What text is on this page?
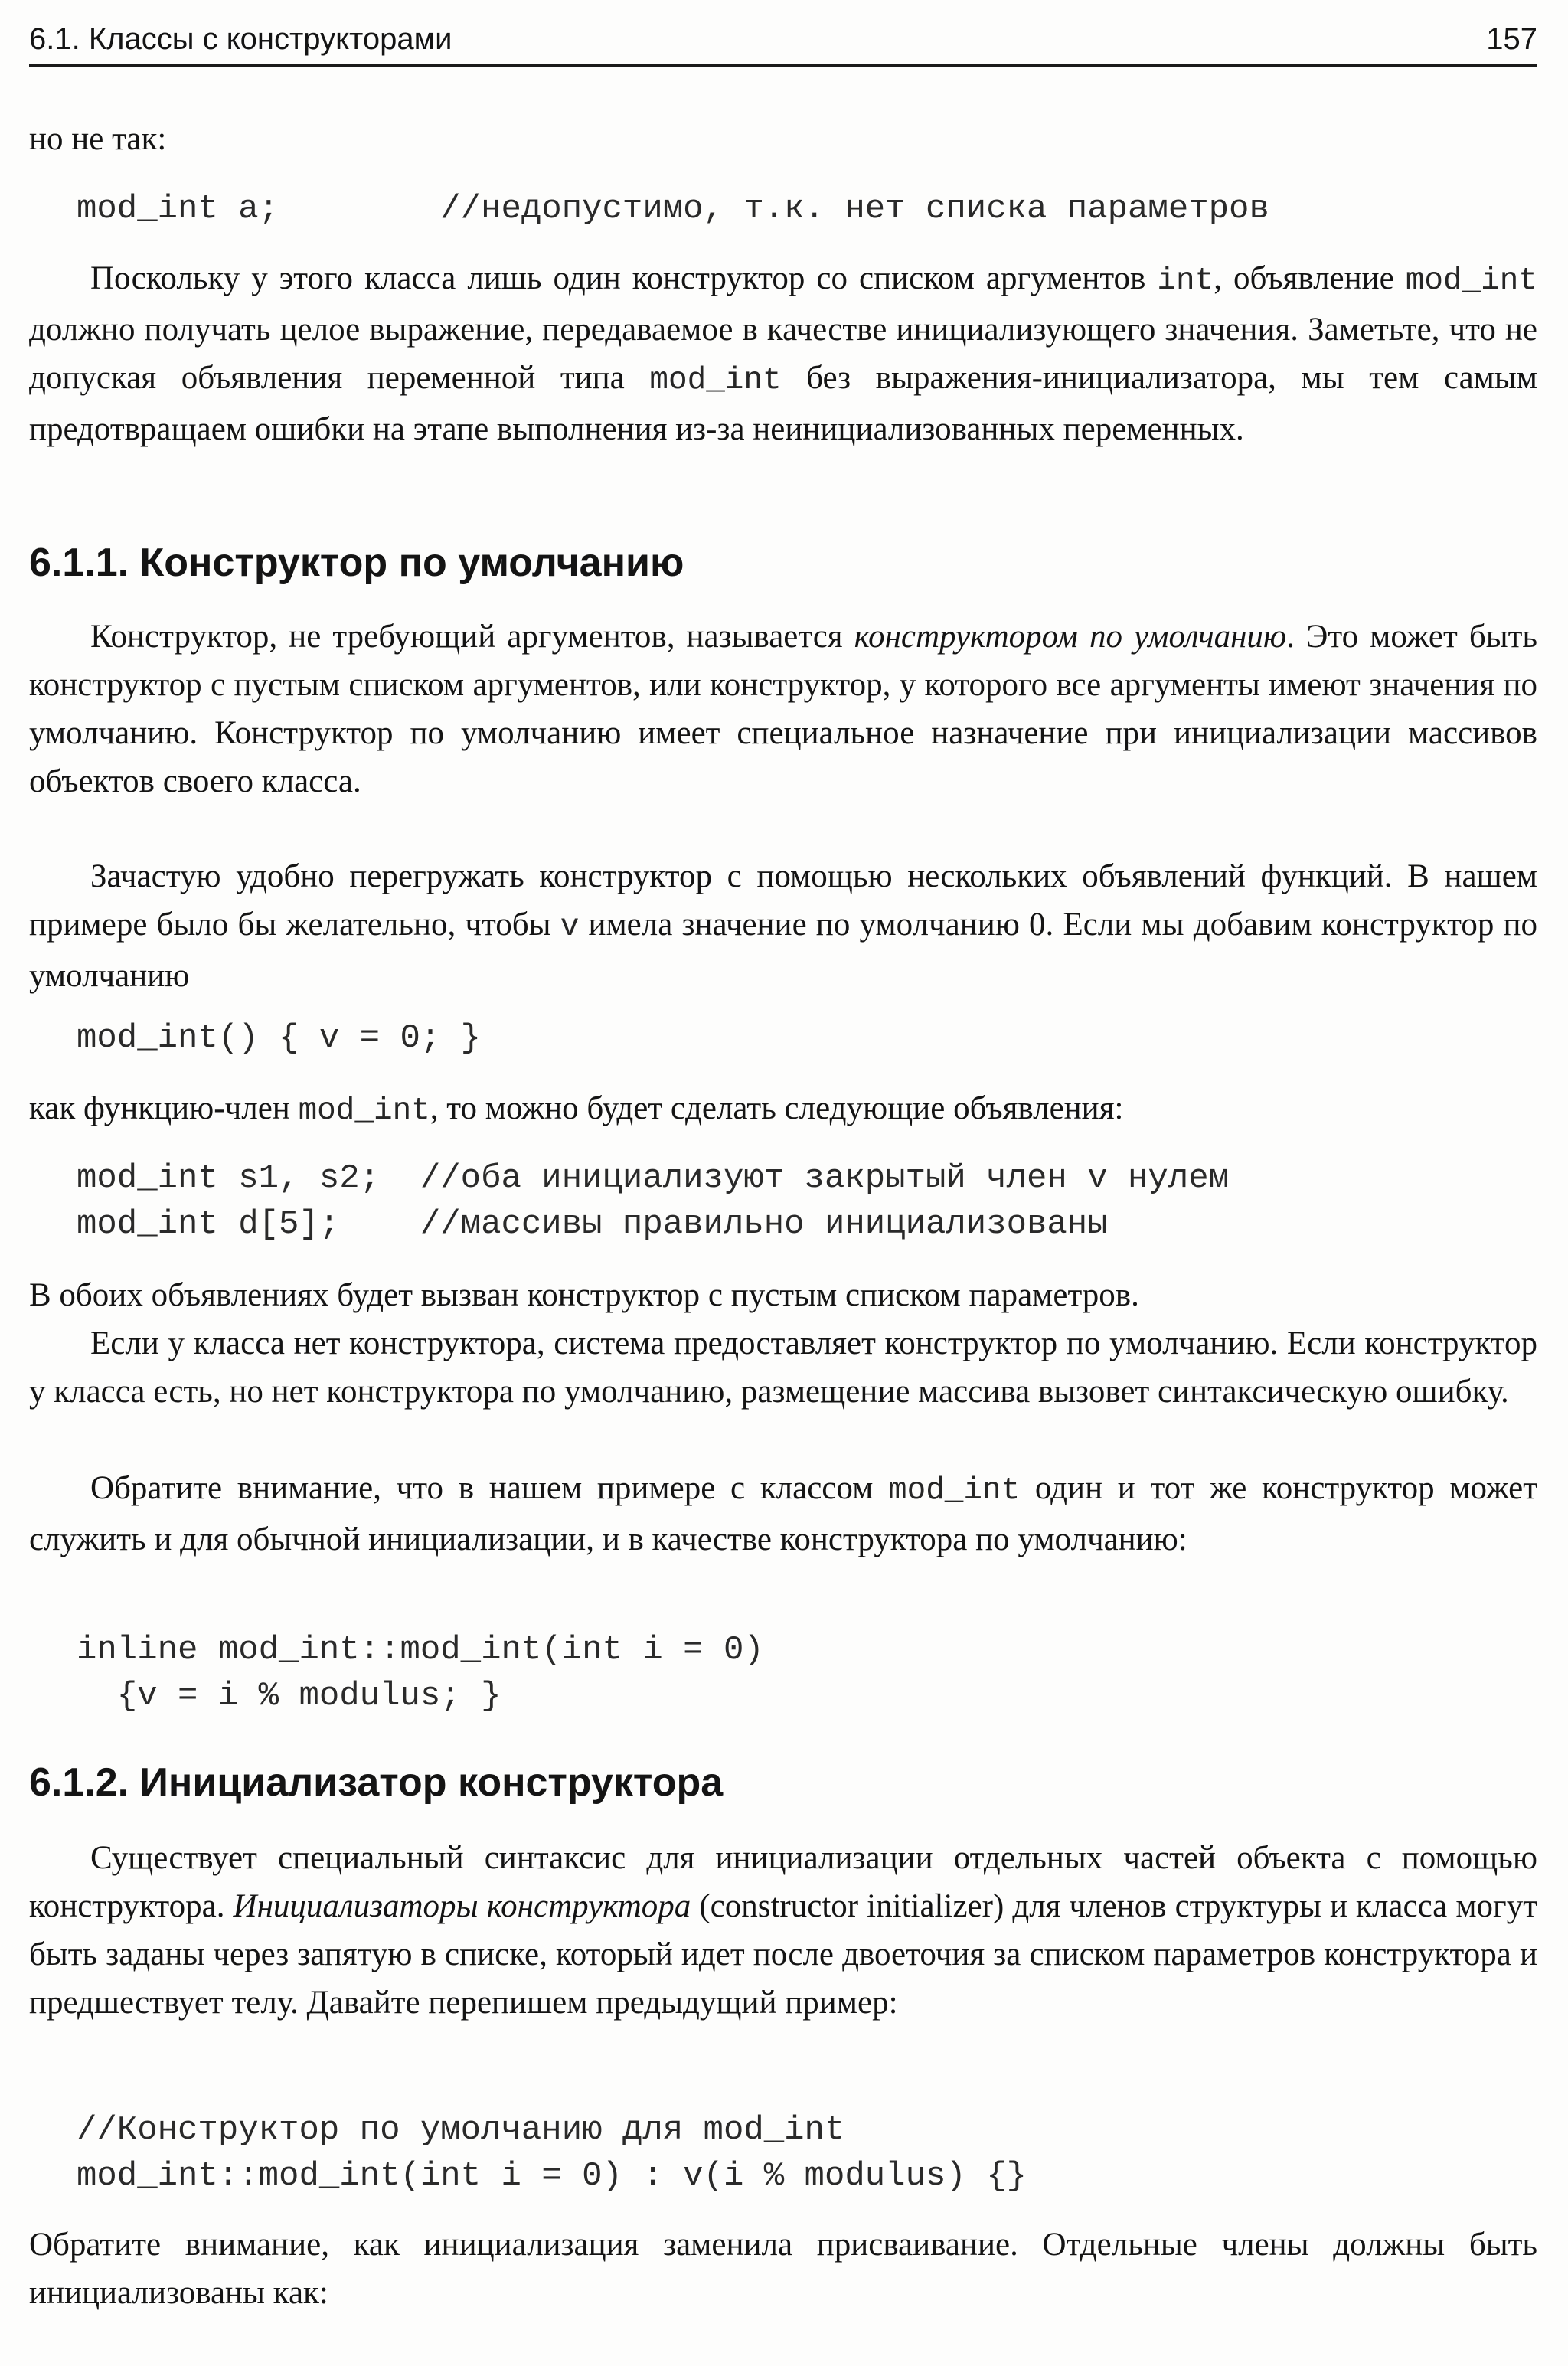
6.1. Классы с конструкторами	157

но не так:

mod_int a;        //недопустимо, т.к. нет списка параметров

Поскольку у этого класса лишь один конструктор со списком аргументов int, объявление mod_int должно получать целое выражение, передаваемое в качестве инициализующего значения. Заметьте, что не допуская объявления переменной типа mod_int без выражения-инициализатора, мы тем самым предотвращаем ошибки на этапе выполнения из-за неинициализованных переменных.

6.1.1. Конструктор по умолчанию

Конструктор, не требующий аргументов, называется конструктором по умолчанию. Это может быть конструктор с пустым списком аргументов, или конструктор, у которого все аргументы имеют значения по умолчанию. Конструктор по умолчанию имеет специальное назначение при инициализации массивов объектов своего класса.

Зачастую удобно перегружать конструктор с помощью нескольких объявлений функций. В нашем примере было бы желательно, чтобы v имела значение по умолчанию 0. Если мы добавим конструктор по умолчанию

mod_int() { v = 0; }

как функцию-член mod_int, то можно будет сделать следующие объявления:

mod_int s1, s2;  //оба инициализуют закрытый член v нулем
mod_int d[5];    //массивы правильно инициализованы

В обоих объявлениях будет вызван конструктор с пустым списком параметров.

Если у класса нет конструктора, система предоставляет конструктор по умолчанию. Если конструктор у класса есть, но нет конструктора по умолчанию, размещение массива вызовет синтаксическую ошибку.

Обратите внимание, что в нашем примере с классом mod_int один и тот же конструктор может служить и для обычной инициализации, и в качестве конструктора по умолчанию:

inline mod_int::mod_int(int i = 0)
{v = i % modulus; }
6.1.2. Инициализатор конструктора

Существует специальный синтаксис для инициализации отдельных частей объекта с помощью конструктора. Инициализаторы конструктора (constructor initializer) для членов структуры и класса могут быть заданы через запятую в списке, который идет после двоеточия за списком параметров конструктора и предшествует телу. Давайте перепишем предыдущий пример:

//Конструктор по умолчанию для mod_int
mod_int::mod_int(int i = 0) : v(i % modulus) {}

Обратите внимание, как инициализация заменила присваивание. Отдельные члены должны быть инициализованы как:
